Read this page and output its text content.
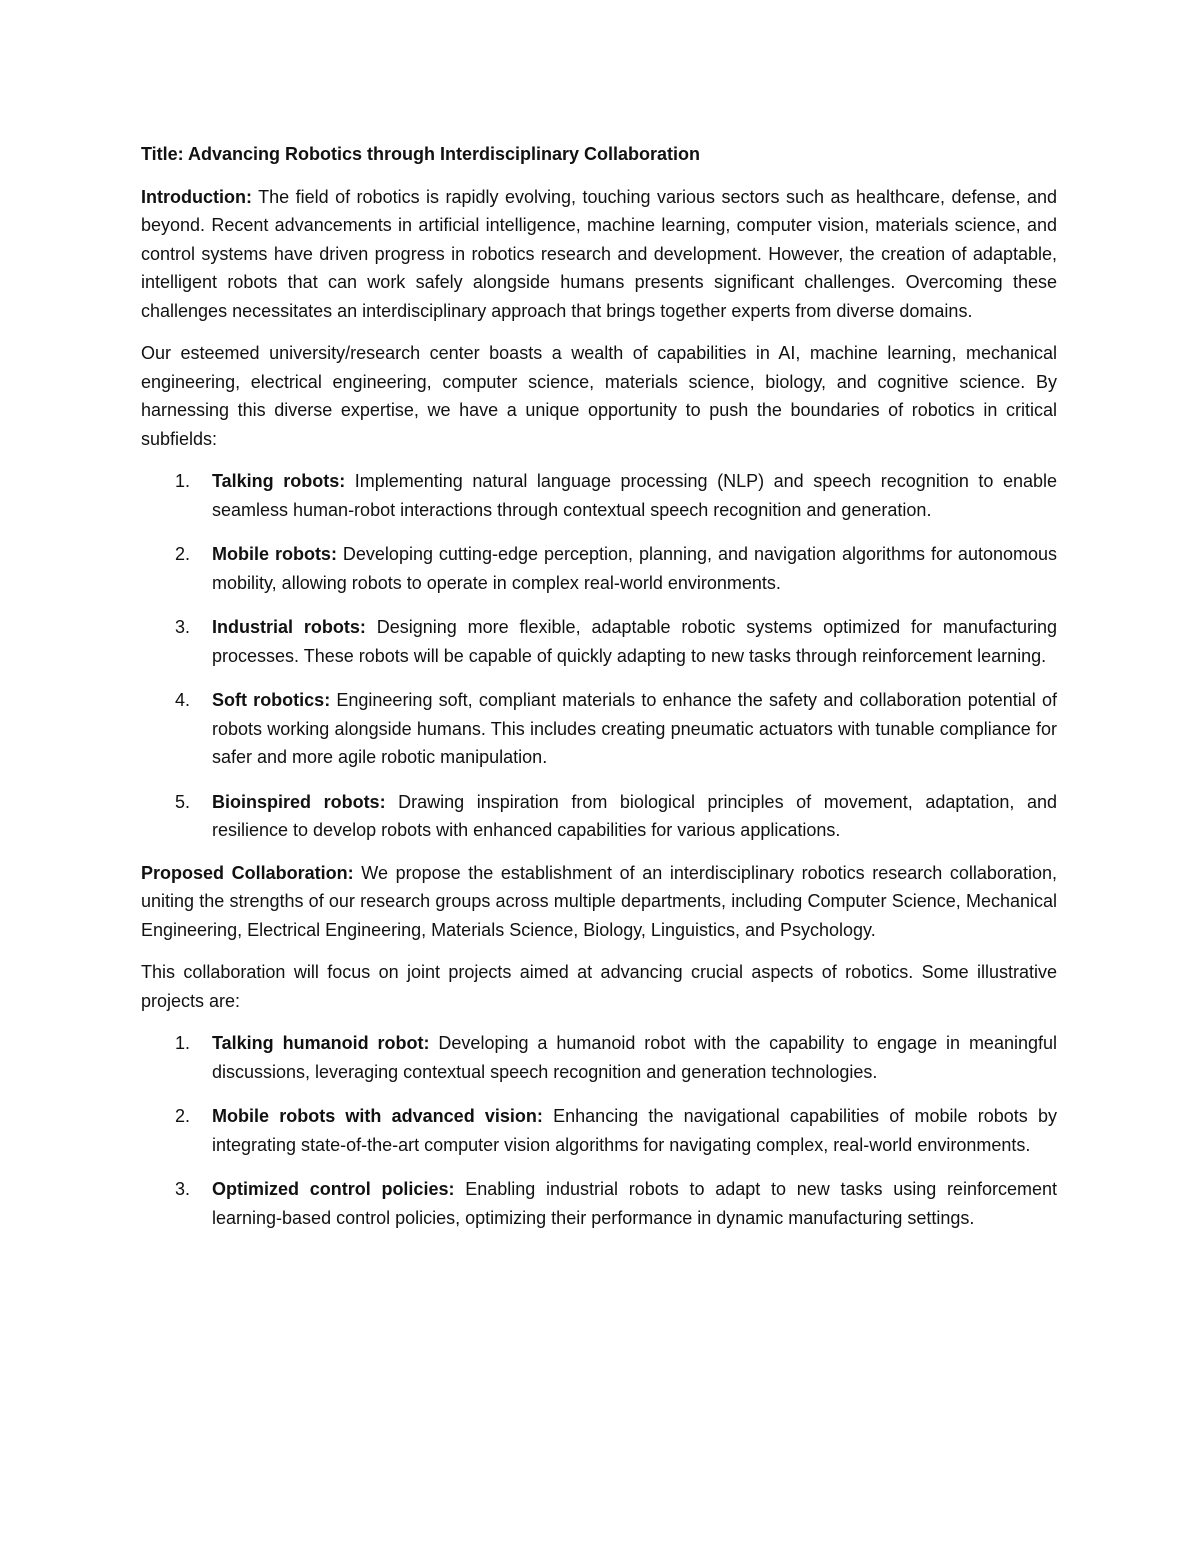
Title: Advancing Robotics through Interdisciplinary Collaboration

Introduction: The field of robotics is rapidly evolving, touching various sectors such as healthcare, defense, and beyond. Recent advancements in artificial intelligence, machine learning, computer vision, materials science, and control systems have driven progress in robotics research and development. However, the creation of adaptable, intelligent robots that can work safely alongside humans presents significant challenges. Overcoming these challenges necessitates an interdisciplinary approach that brings together experts from diverse domains.

Our esteemed university/research center boasts a wealth of capabilities in AI, machine learning, mechanical engineering, electrical engineering, computer science, materials science, biology, and cognitive science. By harnessing this diverse expertise, we have a unique opportunity to push the boundaries of robotics in critical subfields:

1. Talking robots: Implementing natural language processing (NLP) and speech recognition to enable seamless human-robot interactions through contextual speech recognition and generation.
2. Mobile robots: Developing cutting-edge perception, planning, and navigation algorithms for autonomous mobility, allowing robots to operate in complex real-world environments.
3. Industrial robots: Designing more flexible, adaptable robotic systems optimized for manufacturing processes. These robots will be capable of quickly adapting to new tasks through reinforcement learning.
4. Soft robotics: Engineering soft, compliant materials to enhance the safety and collaboration potential of robots working alongside humans. This includes creating pneumatic actuators with tunable compliance for safer and more agile robotic manipulation.
5. Bioinspired robots: Drawing inspiration from biological principles of movement, adaptation, and resilience to develop robots with enhanced capabilities for various applications.

Proposed Collaboration: We propose the establishment of an interdisciplinary robotics research collaboration, uniting the strengths of our research groups across multiple departments, including Computer Science, Mechanical Engineering, Electrical Engineering, Materials Science, Biology, Linguistics, and Psychology.

This collaboration will focus on joint projects aimed at advancing crucial aspects of robotics. Some illustrative projects are:

1. Talking humanoid robot: Developing a humanoid robot with the capability to engage in meaningful discussions, leveraging contextual speech recognition and generation technologies.
2. Mobile robots with advanced vision: Enhancing the navigational capabilities of mobile robots by integrating state-of-the-art computer vision algorithms for navigating complex, real-world environments.
3. Optimized control policies: Enabling industrial robots to adapt to new tasks using reinforcement learning-based control policies, optimizing their performance in dynamic manufacturing settings.
